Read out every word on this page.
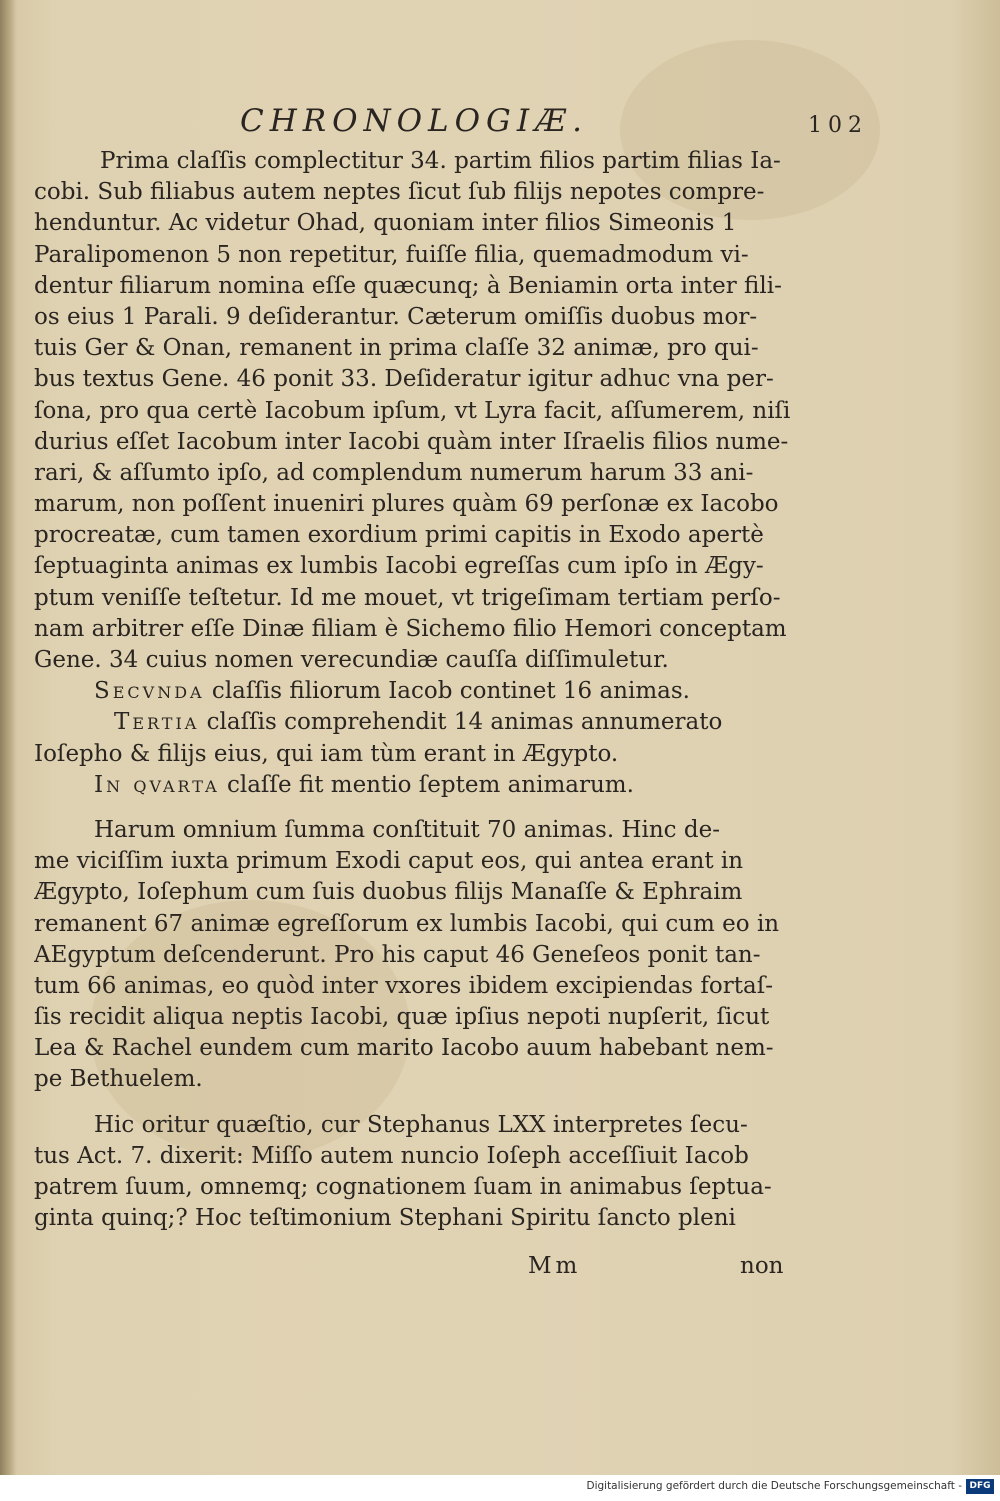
CHRONOLOGIÆ.	102

Prima claſſis complectitur 34. partim filios partim filias Ia-
cobi. Sub filiabus autem neptes ſicut ſub filijs nepotes compre-
henduntur. Ac videtur Ohad, quoniam inter filios Simeonis 1
Paralipomenon 5 non repetitur, fuiſſe filia, quemadmodum vi-
dentur filiarum nomina eſſe quæcunq; à Beniamin orta inter fili-
os eius 1 Parali. 9 deſiderantur. Cæterum omiſſis duobus mor-
tuis Ger & Onan, remanent in prima claſſe 32 animæ, pro qui-
bus textus Gene. 46 ponit 33. Deſideratur igitur adhuc vna per-
ſona, pro qua certè Iacobum ipſum, vt Lyra facit, aſſumerem, niſi
durius eſſet Iacobum inter Iacobi quàm inter Iſraelis filios nume-
rari, & aſſumto ipſo, ad complendum numerum harum 33 ani-
marum, non poſſent inueniri plures quàm 69 perſonæ ex Iacobo
procreatæ, cum tamen exordium primi capitis in Exodo apertè
ſeptuaginta animas ex lumbis Iacobi egreſſas cum ipſo in Ægy-
ptum veniſſe teſtetur. Id me mouet, vt trigeſimam tertiam perſo-
nam arbitrer eſſe Dinæ filiam è Sichemo filio Hemori conceptam
Gene. 34 cuius nomen verecundiæ cauſſa diſſimuletur.

Secvnda claſſis filiorum Iacob continet 16 animas.

Tertia claſſis comprehendit 14 animas annumerato
Ioſepho & filijs eius, qui iam tùm erant in Ægypto.

In qvarta claſſe fit mentio ſeptem animarum.

Harum omnium ſumma conſtituit 70 animas. Hinc de-
me viciſſim iuxta primum Exodi caput eos, qui antea erant in
Ægypto, Ioſephum cum ſuis duobus filijs Manaſſe & Ephraim
remanent 67 animæ egreſſorum ex lumbis Iacobi, qui cum eo in
AEgyptum deſcenderunt. Pro his caput 46 Geneſeos ponit tan-
tum 66 animas, eo quòd inter vxores ibidem excipiendas fortaſ-
ſis recidit aliqua neptis Iacobi, quæ ipſius nepoti nupſerit, ſicut
Lea & Rachel eundem cum marito Iacobo auum habebant nem-
pe Bethuelem.

Hic oritur quæſtio, cur Stephanus LXX interpretes ſecu-
tus Act. 7. dixerit: Miſſo autem nuncio Ioſeph acceſſiuit Iacob
patrem ſuum, omnemq; cognationem ſuam in animabus ſeptua-
ginta quinq;? Hoc teſtimonium Stephani Spiritu ſancto pleni

Mm	non
Digitalisierung gefördert durch die Deutsche Forschungsgemeinschaft - DFG
